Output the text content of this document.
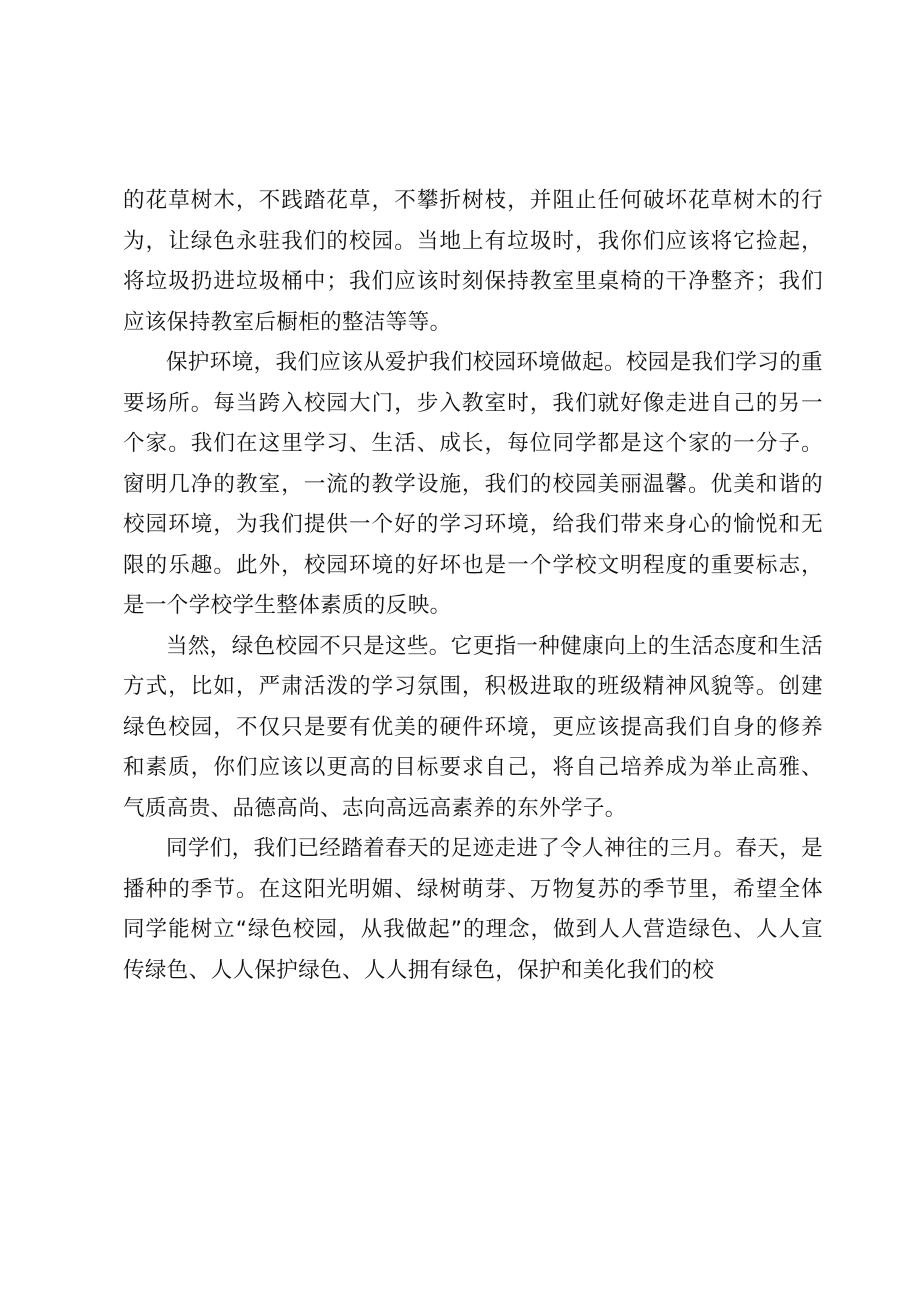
的花草树木，不践踏花草，不攀折树枝，并阻止任何破坏花草树木的行为，让绿色永驻我们的校园。当地上有垃圾时，我你们应该将它捡起，将垃圾扔进垃圾桶中；我们应该时刻保持教室里桌椅的干净整齐；我们应该保持教室后橱柜的整洁等等。

保护环境，我们应该从爱护我们校园环境做起。校园是我们学习的重要场所。每当跨入校园大门，步入教室时，我们就好像走进自己的另一个家。我们在这里学习、生活、成长，每位同学都是这个家的一分子。窗明几净的教室，一流的教学设施，我们的校园美丽温馨。优美和谐的校园环境，为我们提供一个好的学习环境，给我们带来身心的愉悦和无限的乐趣。此外，校园环境的好坏也是一个学校文明程度的重要标志，是一个学校学生整体素质的反映。

当然，绿色校园不只是这些。它更指一种健康向上的生活态度和生活方式，比如，严肃活泼的学习氛围，积极进取的班级精神风貌等。创建绿色校园，不仅只是要有优美的硬件环境，更应该提高我们自身的修养和素质，你们应该以更高的目标要求自己，将自己培养成为举止高雅、气质高贵、品德高尚、志向高远高素养的东外学子。

同学们，我们已经踏着春天的足迹走进了令人神往的三月。春天，是播种的季节。在这阳光明媚、绿树萌芽、万物复苏的季节里，希望全体同学能树立“绿色校园，从我做起”的理念，做到人人营造绿色、人人宣传绿色、人人保护绿色、人人拥有绿色，保护和美化我们的校
